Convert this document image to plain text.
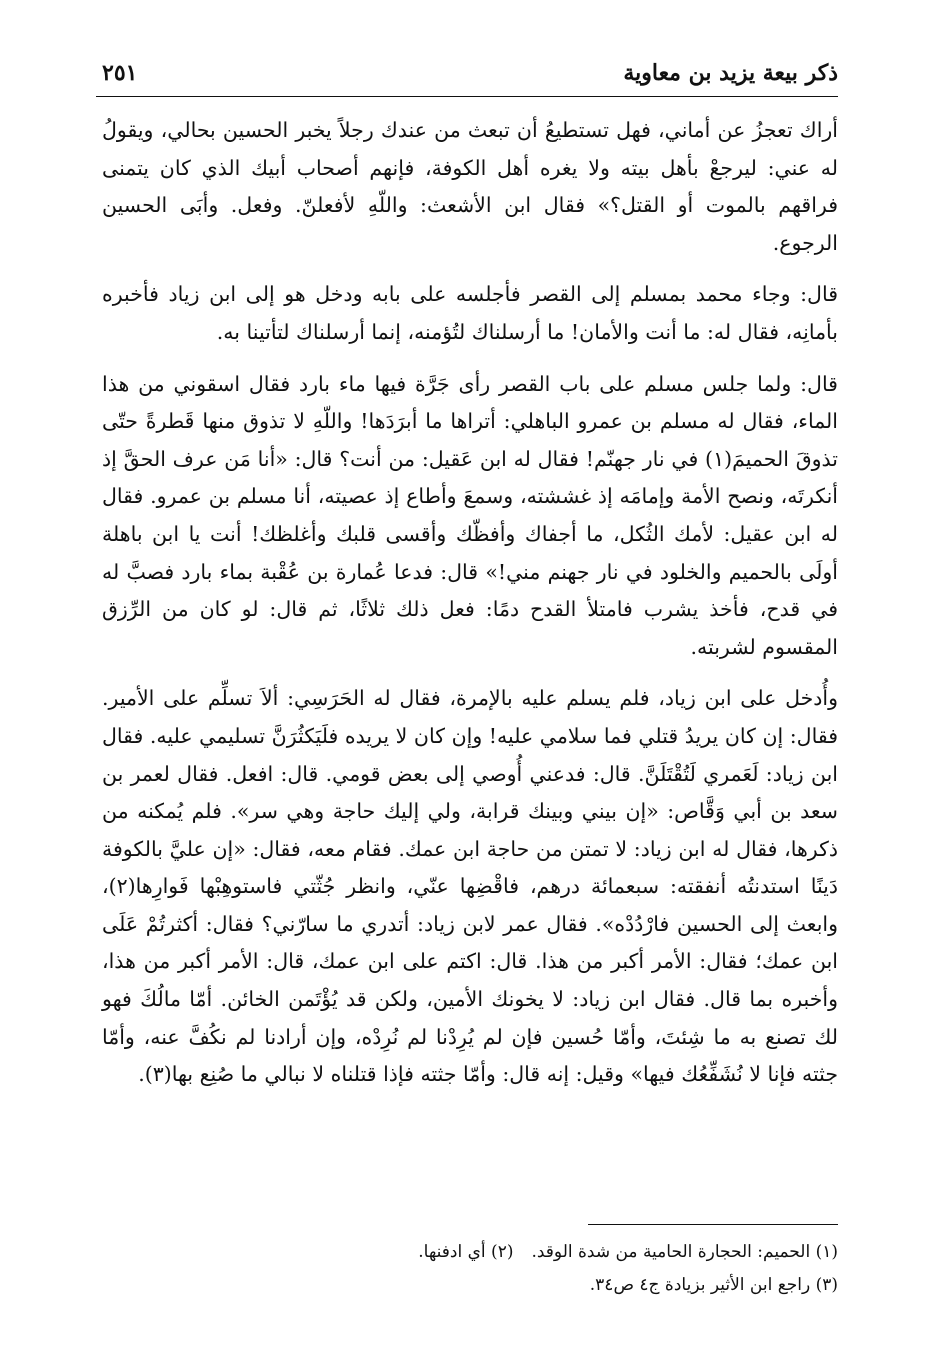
ذكر بيعة يزيد بن معاوية
٢٥١

أراك تعجزُ عن أماني، فهل تستطيعُ أن تبعث من عندك رجلاً يخبر الحسين بحالي، ويقولُ له عني: ليرجعْ بأهل بيته ولا يغره أهل الكوفة، فإنهم أصحاب أبيك الذي كان يتمنى فراقهم بالموت أو القتل؟» فقال ابن الأشعث: واللّهِ لأفعلنّ. وفعل. وأبَى الحسين الرجوع.

قال: وجاء محمد بمسلم إلى القصر فأجلسه على بابه ودخل هو إلى ابن زياد فأخبره بأمانِه، فقال له: ما أنت والأمان! ما أرسلناك لتُؤمنه، إنما أرسلناك لتأتينا به.

قال: ولما جلس مسلم على باب القصر رأى جَرَّة فيها ماء بارد فقال اسقوني من هذا الماء، فقال له مسلم بن عمرو الباهلي: أتراها ما أبرَدَها! واللّهِ لا تذوق منها قَطرةً حتّى تذوقَ الحميمَ(١) في نار جهنّم! فقال له ابن عَقيل: من أنت؟ قال: «أنا مَن عرف الحقَّ إذ أنكرتَه، ونصح الأمة وإمامَه إذ غششته، وسمعَ وأطاع إذ عصيته، أنا مسلم بن عمرو. فقال له ابن عقيل: لأمك الثُكل، ما أجفاك وأفظّك وأقسى قلبك وأغلظك! أنت يا ابن باهلة أولَى بالحميم والخلود في نار جهنم مني!» قال: فدعا عُمارة بن عُقْبة بماء بارد فصبَّ له في قدح، فأخذ يشرب فامتلأ القدح دمًا: فعل ذلك ثلاثًا، ثم قال: لو كان من الرِّزق المقسوم لشربته.

وأُدخل على ابن زياد، فلم يسلم عليه بالإمرة، فقال له الحَرَسِي: ألاَ تسلِّم على الأمير. فقال: إن كان يريدُ قتلي فما سلامي عليه! وإن كان لا يريده فلَيَكثُرَنَّ تسليمي عليه. فقال ابن زياد: لَعَمري لَتُقْتَلَنَّ. قال: فدعني أُوصي إلى بعض قومي. قال: افعل. فقال لعمر بن سعد بن أبي وَقَّاص: «إن بيني وبينك قرابة، ولي إليك حاجة وهي سر». فلم يُمكنه من ذكرها، فقال له ابن زياد: لا تمتن من حاجة ابن عمك. فقام معه، فقال: «إن عليَّ بالكوفة دَينًا استدنتُه أنفقته: سبعمائة درهم، فاقْضِها عنّي، وانظر جُثّتي فاستوهِبْها فَوارِها(٢)، وابعث إلى الحسين فارْدُدْه». فقال عمر لابن زياد: أتدري ما سارّني؟ فقال: أكثرتُمْ عَلَى ابن عمك؛ فقال: الأمر أكبر من هذا. قال: اكتم على ابن عمك، قال: الأمر أكبر من هذا، وأخبره بما قال. فقال ابن زياد: لا يخونك الأمين، ولكن قد يُؤْتَمن الخائن. أمّا مالُكَ فهو لك تصنع به ما شِئتَ، وأمّا حُسين فإن لم يُرِدْنا لم نُرِدْه، وإن أرادنا لم نكُفَّ عنه، وأمّا جثته فإنا لا نُشَفِّعُك فيها» وقيل: إنه قال: وأمّا جثته فإذا قتلناه لا نبالي ما صُنِع بها(٣).

(١) الحميم: الحجارة الحامية من شدة الوقد.(٢) أي ادفنها.

(٣) راجع ابن الأثير بزيادة ج٤ ص٣٤.
